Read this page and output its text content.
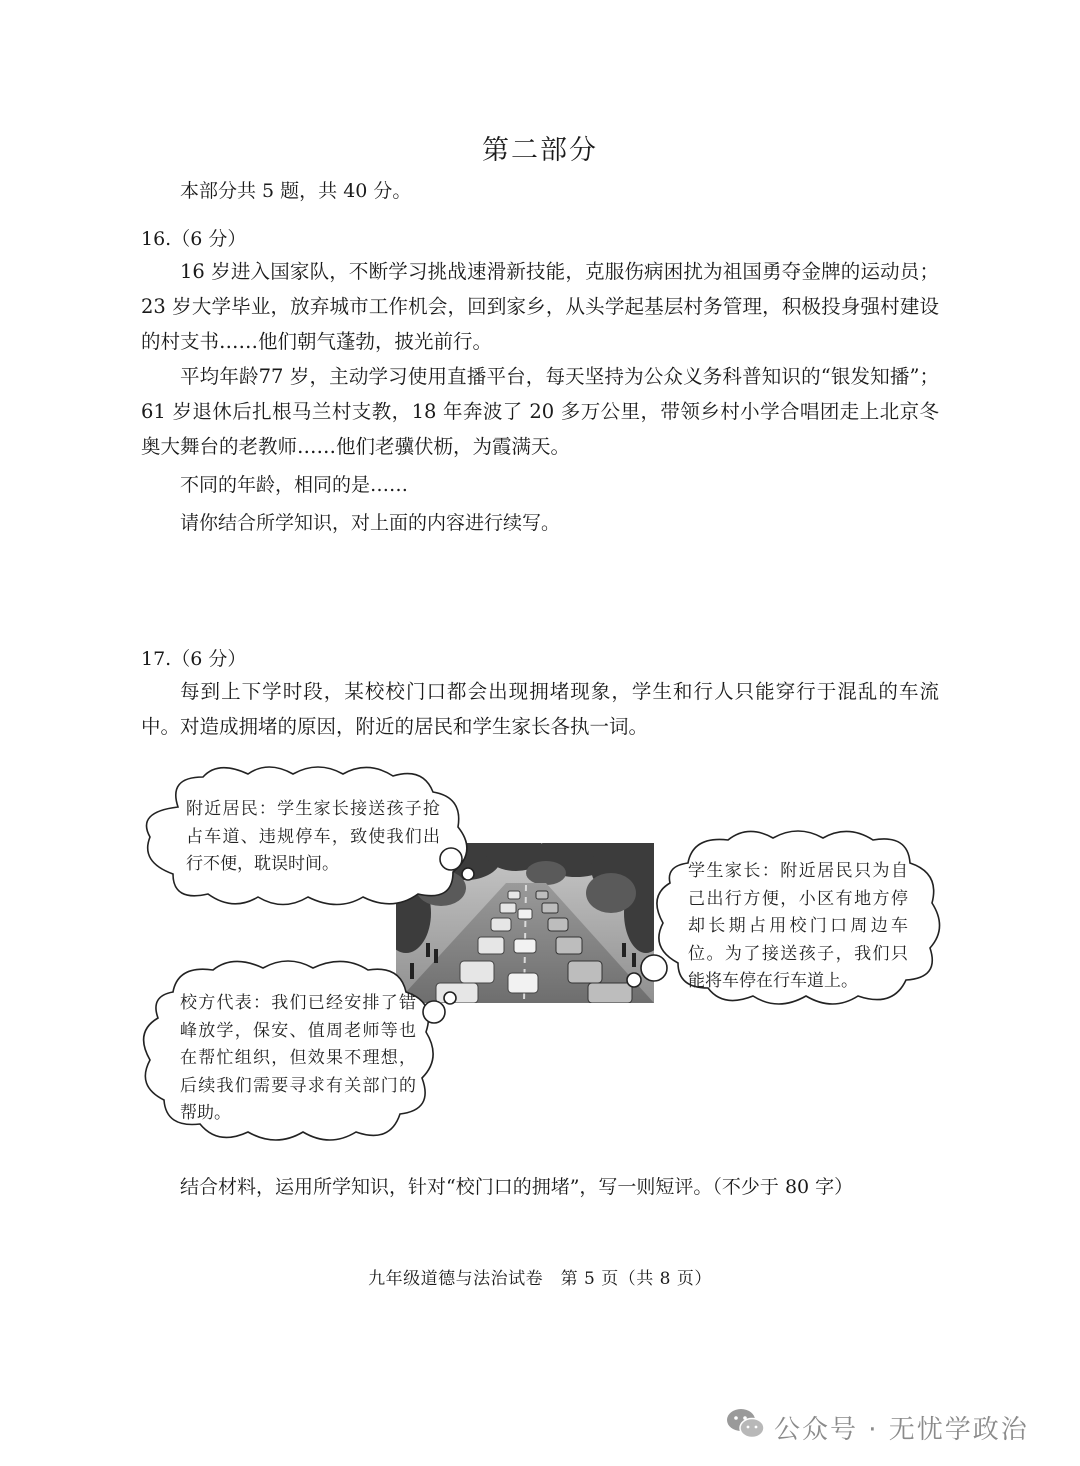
第二部分
本部分共 5 题，共 40 分。
16.（6 分）
16 岁进入国家队，不断学习挑战速滑新技能，克服伤病困扰为祖国勇夺金牌的运动员；23 岁大学毕业，放弃城市工作机会，回到家乡，从头学起基层村务管理，积极投身强村建设的村支书……他们朝气蓬勃，披光前行。
平均年龄77 岁，主动学习使用直播平台，每天坚持为公众义务科普知识的“银发知播”；61 岁退休后扎根马兰村支教，18 年奔波了 20 多万公里，带领乡村小学合唱团走上北京冬奥大舞台的老教师……他们老骥伏枥，为霞满天。
不同的年龄，相同的是……
请你结合所学知识，对上面的内容进行续写。
17.（6 分）
每到上下学时段，某校校门口都会出现拥堵现象，学生和行人只能穿行于混乱的车流中。对造成拥堵的原因，附近的居民和学生家长各执一词。
附近居民：学生家长接送孩子抢占车道、违规停车，致使我们出行不便，耽误时间。	学生家长：附近居民只为自己出行方便，小区有地方停却长期占用校门口周边车位。为了接送孩子，我们只能将车停在行车道上。
校方代表：我们已经安排了错峰放学，保安、值周老师等也在帮忙组织，但效果不理想，后续我们需要寻求有关部门的帮助。
结合材料，运用所学知识，针对“校门口的拥堵”，写一则短评。（不少于 80 字）
九年级道德与法治试卷　第 5 页（共 8 页）
公众号 · 无忧学政治
